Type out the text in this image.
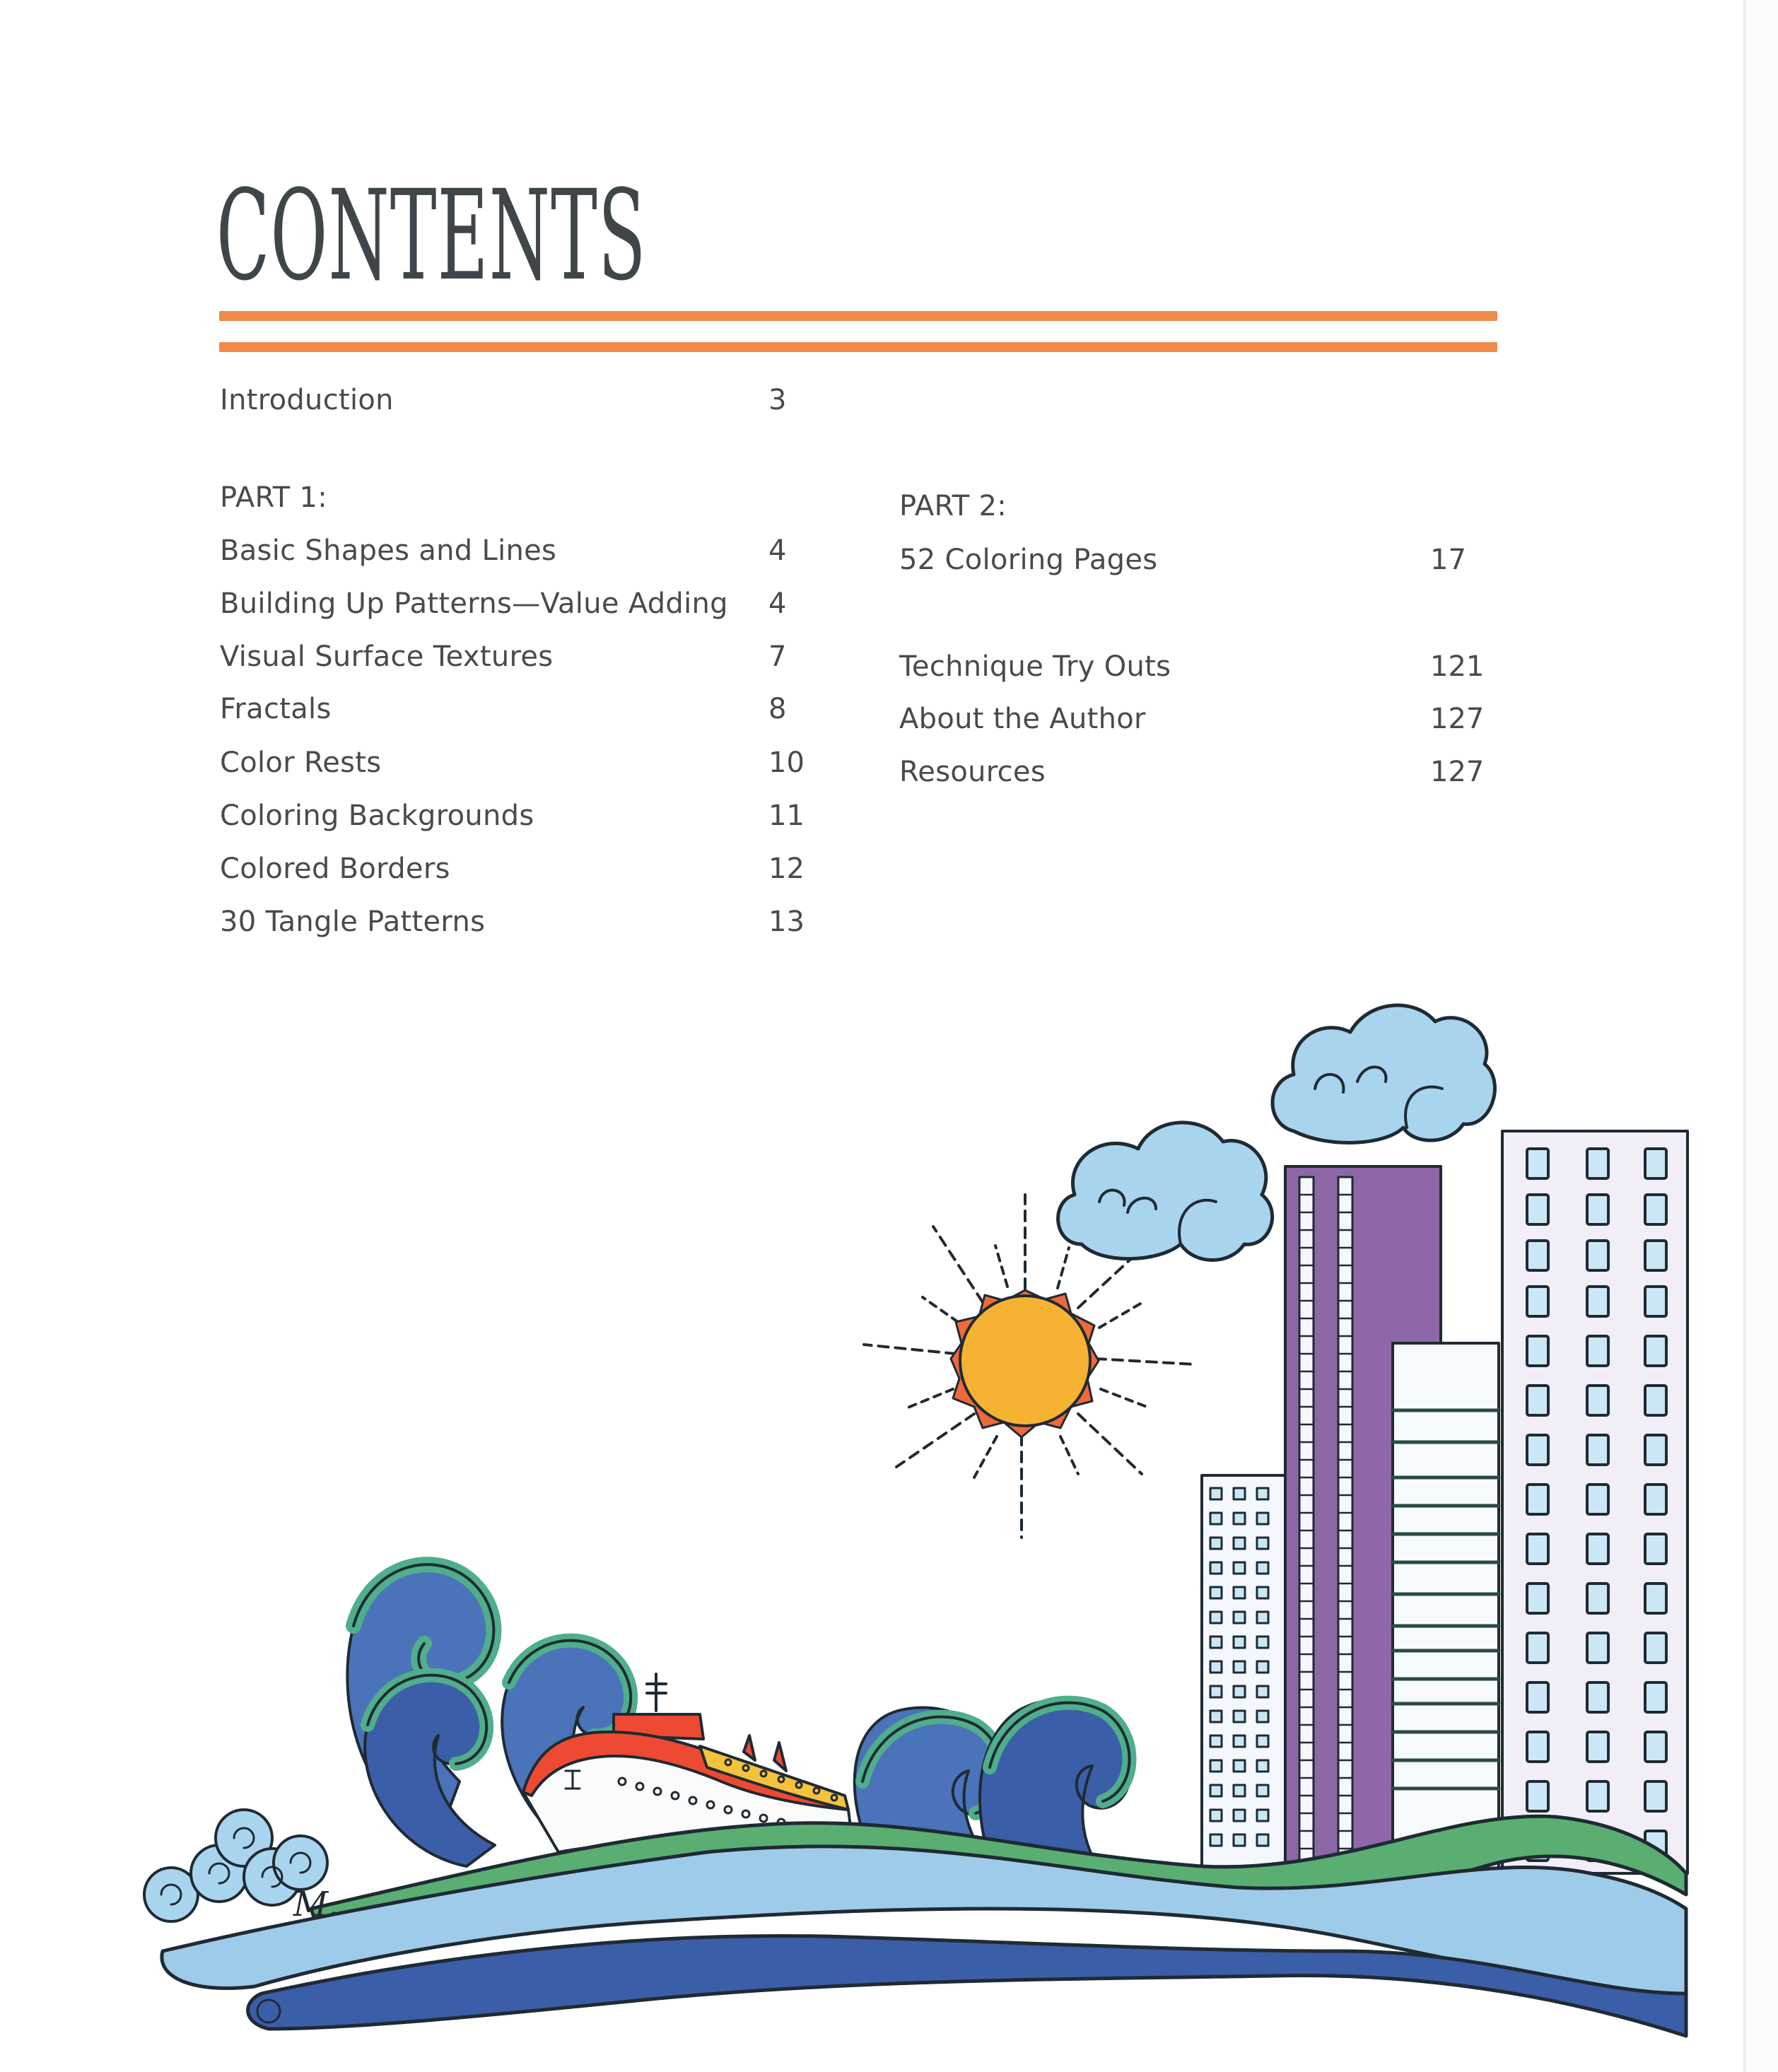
CONTENTS
Introduction	3
PART 1:
Basic Shapes and Lines	4
Building Up Patterns—Value Adding 4
Visual Surface Textures	7
Fractals	8
Color Rests	10
Coloring Backgrounds	11
Colored Borders	12
30 Tangle Patterns	13
PART 2:
52 Coloring Pages	17
Technique Try Outs	121
About the Author	127
Resources	127
M.
